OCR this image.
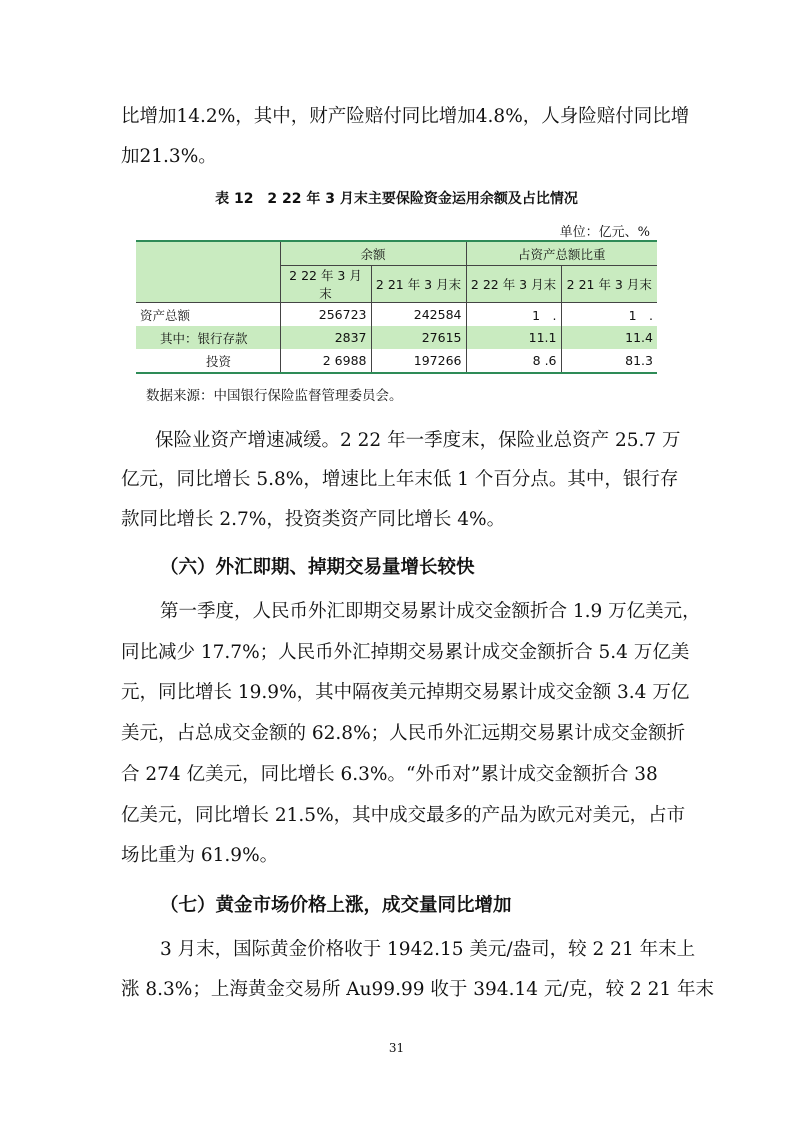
比增加14.2%，其中，财产险赔付同比增加4.8%，人身险赔付同比增
加21.3%。
表 12　2 22 年 3 月末主要保险资金运用余额及占比情况
单位：亿元、%
	余额		占资产总额比重	
	2 22 年 3 月末	2 21 年 3 月末	2 22 年 3 月末	2 21 年 3 月末
资产总额	256723	242584	1　.	1　.
其中：银行存款	2837	27615	11.1	11.4
投资	2 6988	197266	8 .6	81.3
数据来源：中国银行保险监督管理委员会。
保险业资产增速减缓。2 22 年一季度末，保险业总资产 25.7 万
亿元，同比增长 5.8%，增速比上年末低 1 个百分点。其中，银行存
款同比增长 2.7%，投资类资产同比增长 4%。
（六）外汇即期、掉期交易量增长较快
第一季度，人民币外汇即期交易累计成交金额折合 1.9 万亿美元，
同比减少 17.7%；人民币外汇掉期交易累计成交金额折合 5.4 万亿美
元，同比增长 19.9%，其中隔夜美元掉期交易累计成交金额 3.4 万亿
美元，占总成交金额的 62.8%；人民币外汇远期交易累计成交金额折
合 274 亿美元，同比增长 6.3%。“外币对”累计成交金额折合 38
亿美元，同比增长 21.5%，其中成交最多的产品为欧元对美元，占市
场比重为 61.9%。
（七）黄金市场价格上涨，成交量同比增加
3 月末，国际黄金价格收于 1942.15 美元/盎司，较 2 21 年末上
涨 8.3%；上海黄金交易所 Au99.99 收于 394.14 元/克，较 2 21 年末
31
